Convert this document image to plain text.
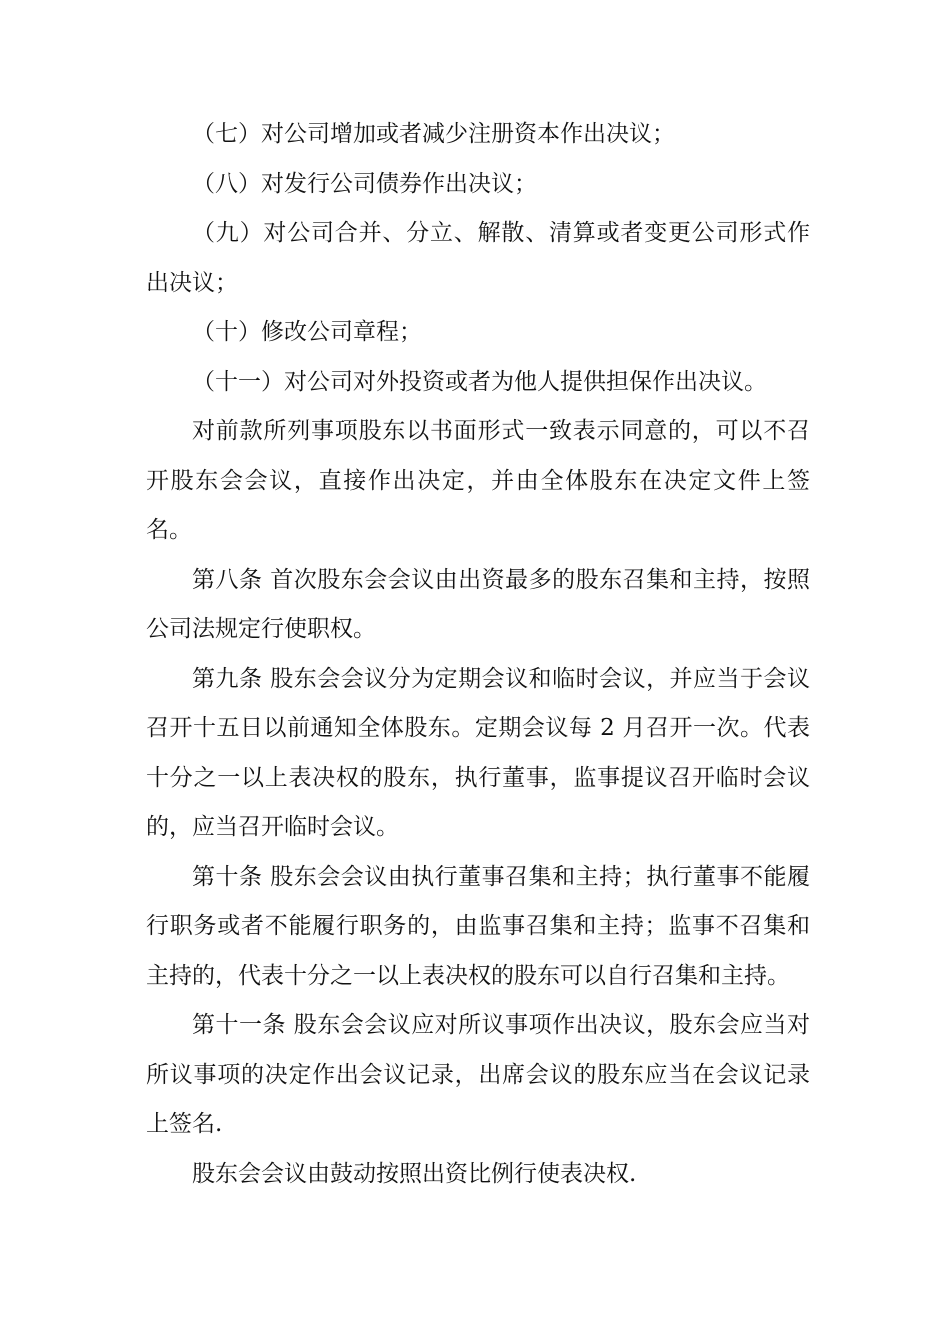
（七）对公司增加或者减少注册资本作出决议；

（八）对发行公司债券作出决议；

（九）对公司合并、分立、解散、清算或者变更公司形式作出决议；

（十）修改公司章程；

（十一）对公司对外投资或者为他人提供担保作出决议。

对前款所列事项股东以书面形式一致表示同意的，可以不召开股东会会议，直接作出决定，并由全体股东在决定文件上签名。

第八条 首次股东会会议由出资最多的股东召集和主持，按照公司法规定行使职权。

第九条 股东会会议分为定期会议和临时会议，并应当于会议召开十五日以前通知全体股东。定期会议每 2 月召开一次。代表十分之一以上表决权的股东，执行董事，监事提议召开临时会议的，应当召开临时会议。

第十条 股东会会议由执行董事召集和主持；执行董事不能履行职务或者不能履行职务的，由监事召集和主持；监事不召集和主持的，代表十分之一以上表决权的股东可以自行召集和主持。

第十一条 股东会会议应对所议事项作出决议，股东会应当对所议事项的决定作出会议记录，出席会议的股东应当在会议记录上签名.

股东会会议由鼓动按照出资比例行使表决权.
